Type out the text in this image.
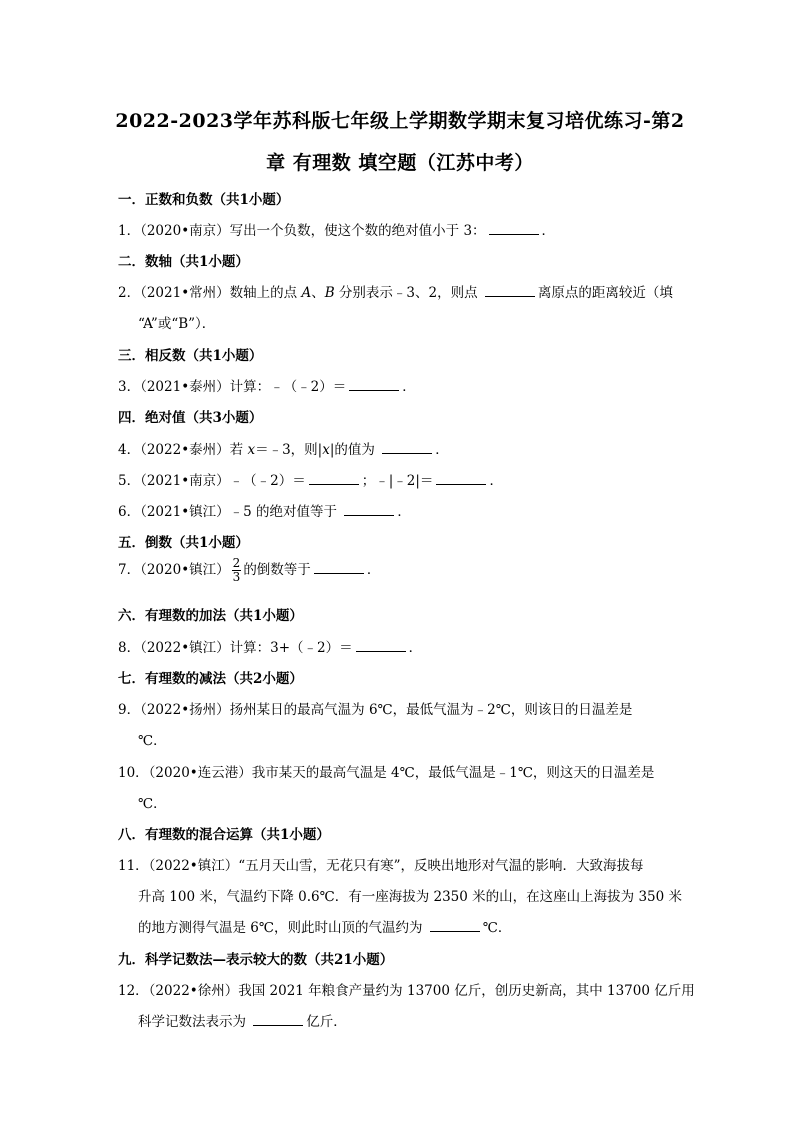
2022-2023学年苏科版七年级上学期数学期末复习培优练习-第2
章 有理数 填空题（江苏中考）
一．正数和负数（共1小题）
1．（2020•南京）写出一个负数，使这个数的绝对值小于 3：	．
二．数轴（共1小题）
2．（2021•常州）数轴上的点 A、B 分别表示﹣3、2，则点	离原点的距离较近（填
“A”或“B”）．
三．相反数（共1小题）
3．（2021•泰州）计算：﹣（﹣2）＝	．
四．绝对值（共3小题）
4．（2022•泰州）若 x＝﹣3，则|x|的值为	．
5．（2021•南京）﹣（﹣2）＝	；﹣|﹣2|＝	．
6．（2021•镇江）﹣5 的绝对值等于	．
五．倒数（共1小题）
7．（2020•镇江） $\frac{2}{3}$ 的倒数等于	．
六．有理数的加法（共1小题）
8．（2022•镇江）计算：3+（﹣2）＝	．
七．有理数的减法（共2小题）
9．（2022•扬州）扬州某日的最高气温为 6℃，最低气温为﹣2℃，则该日的日温差是
℃．
10．（2020•连云港）我市某天的最高气温是 4℃，最低气温是﹣1℃，则这天的日温差是
℃．
八．有理数的混合运算（共1小题）
11．（2022•镇江）“五月天山雪，无花只有寒”，反映出地形对气温的影响．大致海拔每
升高 100 米，气温约下降 0.6℃．有一座海拔为 2350 米的山，在这座山上海拔为 350 米
的地方测得气温是 6℃，则此时山顶的气温约为	℃．
九．科学记数法—表示较大的数（共21小题）
12．（2022•徐州）我国 2021 年粮食产量约为 13700 亿斤，创历史新高，其中 13700 亿斤用
科学记数法表示为	亿斤．
